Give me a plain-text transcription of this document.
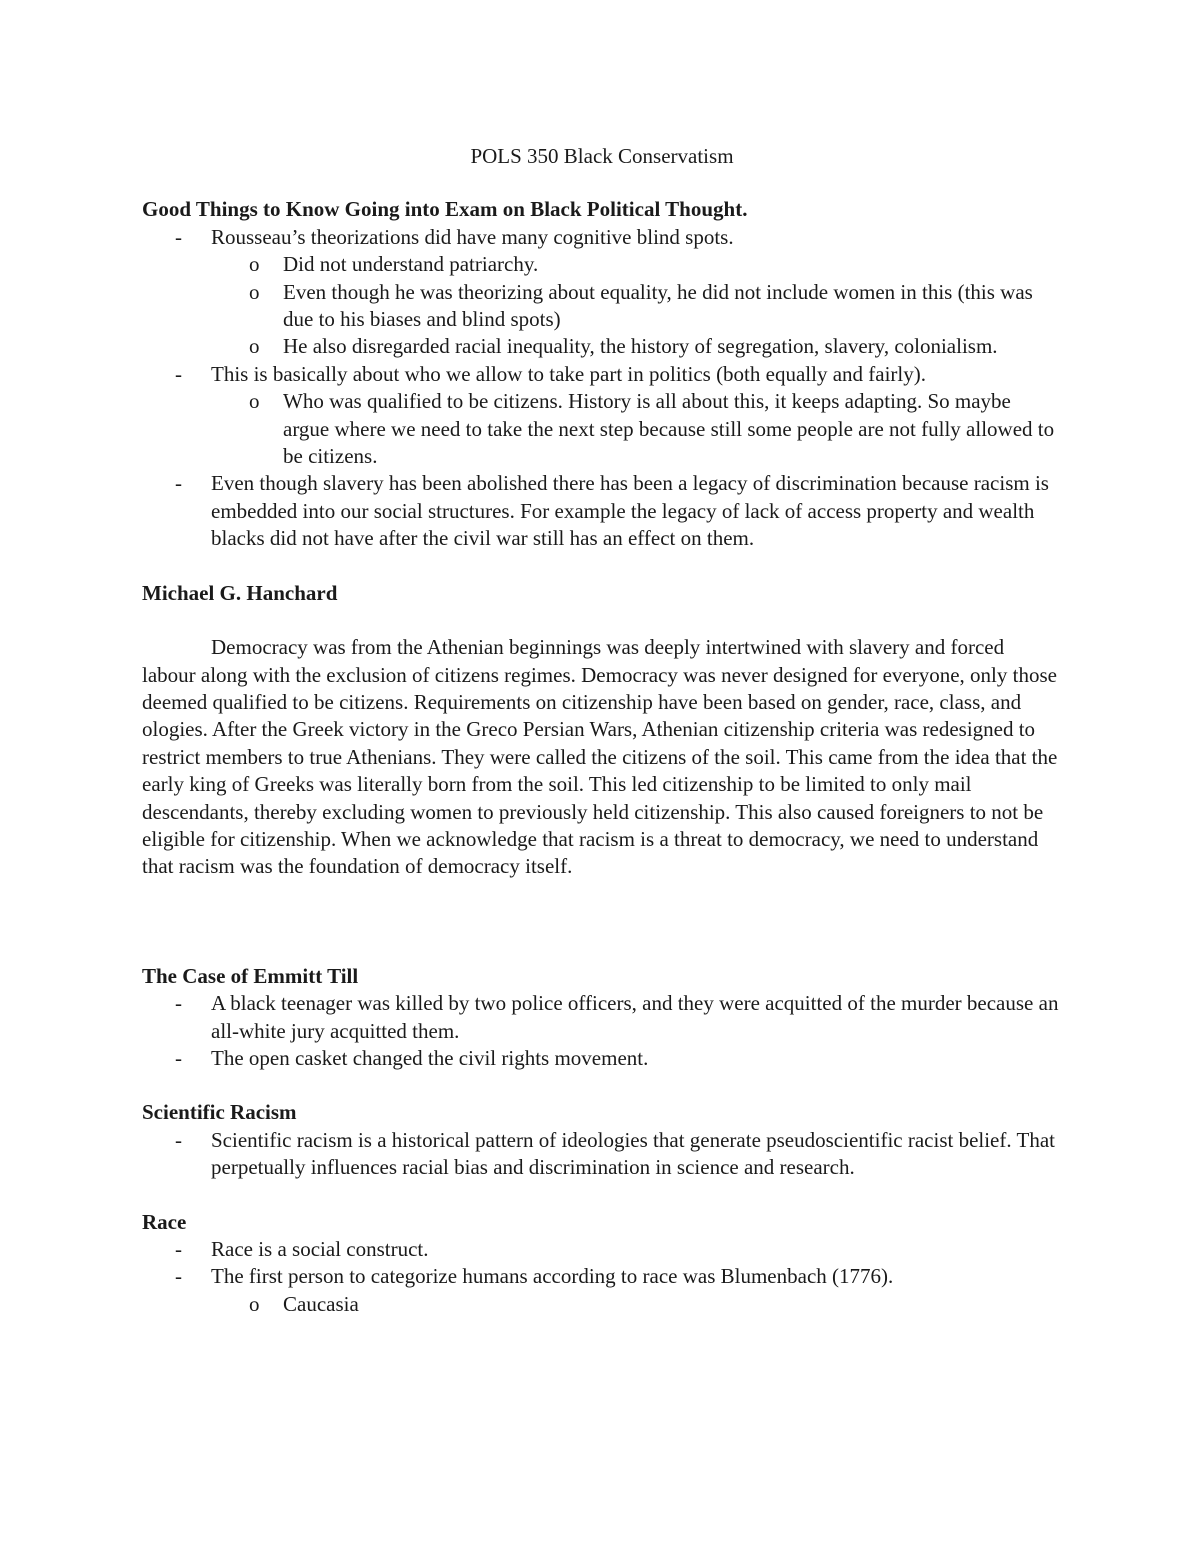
POLS 350 Black Conservatism

Good Things to Know Going into Exam on Black Political Thought.

- Rousseau’s theorizations did have many cognitive blind spots.
o Did not understand patriarchy.
o Even though he was theorizing about equality, he did not include women in this (this was due to his biases and blind spots)
o He also disregarded racial inequality, the history of segregation, slavery, colonialism.
- This is basically about who we allow to take part in politics (both equally and fairly).
o Who was qualified to be citizens. History is all about this, it keeps adapting. So maybe argue where we need to take the next step because still some people are not fully allowed to be citizens.
- Even though slavery has been abolished there has been a legacy of discrimination because racism is embedded into our social structures. For example the legacy of lack of access property and wealth blacks did not have after the civil war still has an effect on them.

Michael G. Hanchard

Democracy was from the Athenian beginnings was deeply intertwined with slavery and forced labour along with the exclusion of citizens regimes. Democracy was never designed for everyone, only those deemed qualified to be citizens. Requirements on citizenship have been based on gender, race, class, and ologies. After the Greek victory in the Greco Persian Wars, Athenian citizenship criteria was redesigned to restrict members to true Athenians. They were called the citizens of the soil. This came from the idea that the early king of Greeks was literally born from the soil. This led citizenship to be limited to only mail descendants, thereby excluding women to previously held citizenship. This also caused foreigners to not be eligible for citizenship. When we acknowledge that racism is a threat to democracy, we need to understand that racism was the foundation of democracy itself.

The Case of Emmitt Till

- A black teenager was killed by two police officers, and they were acquitted of the murder because an all-white jury acquitted them.
- The open casket changed the civil rights movement.

Scientific Racism

- Scientific racism is a historical pattern of ideologies that generate pseudoscientific racist belief. That perpetually influences racial bias and discrimination in science and research.

Race

- Race is a social construct.
- The first person to categorize humans according to race was Blumenbach (1776).
o Caucasia
